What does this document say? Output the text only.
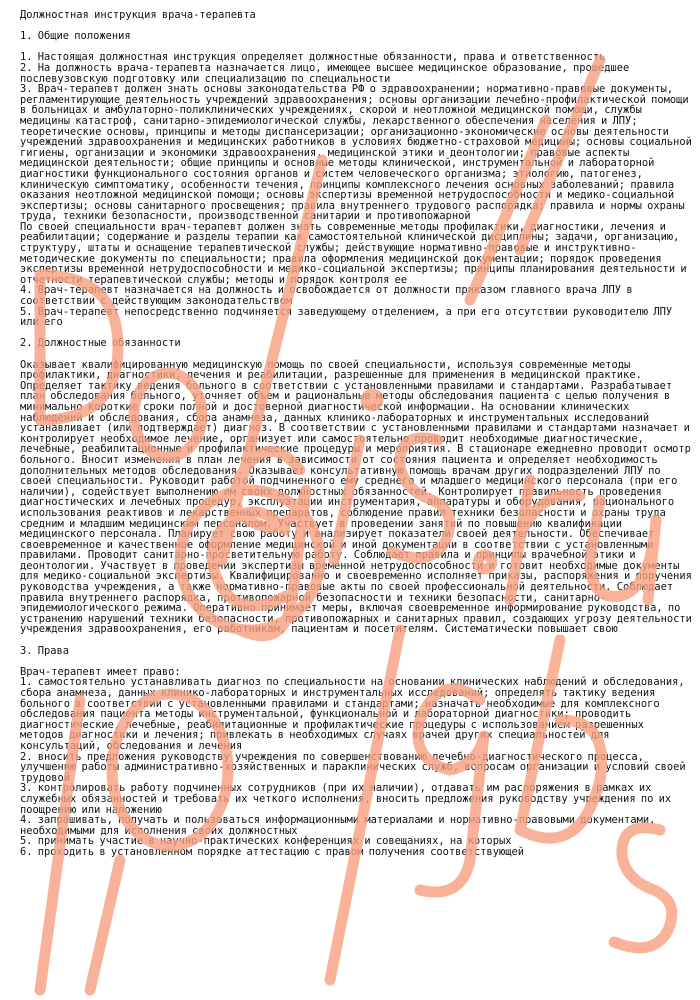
Должностная инструкция врача-терапевта

1. Общие положения

1. Настоящая должностная инструкция определяет должностные обязанности, права и ответственность

2. На должность врача-терапевта назначается лицо, имеющее высшее медицинское образование, прошедшее послевузовскую подготовку или специализацию по специальности

3. Врач-терапевт должен знать основы законодательства РФ о здравоохранении; нормативно-правовые документы, регламентирующие деятельность учреждений здравоохранения; основы организации лечебно-профилактической помощи в больницах и амбулаторно-поликлинических учреждениях, скорой и неотложной медицинской помощи, службы медицины катастроф, санитарно-эпидемиологической службы, лекарственного обеспечения населения и ЛПУ; теоретические основы, принципы и методы диспансеризации; организационно-экономические основы деятельности учреждений здравоохранения и медицинских работников в условиях бюджетно-страховой медицины; основы социальной гигиены, организации и экономики здравоохранения, медицинской этики и деонтологии; правовые аспекты медицинской деятельности; общие принципы и основные методы клинической, инструментальной и лабораторной диагностики функционального состояния органов и систем человеческого организма; этиологию, патогенез, клиническую симптоматику, особенности течения, принципы комплексного лечения основных заболеваний; правила оказания неотложной медицинской помощи; основы экспертизы временной нетрудоспособности и медико-социальной экспертизы; основы санитарного просвещения; правила внутреннего трудового распорядка; правила и нормы охраны труда, техники безопасности, производственной санитарии и противопожарной

По своей специальности врач-терапевт должен знать современные методы профилактики, диагностики, лечения и реабилитации; содержание и разделы терапии как самостоятельной клинической дисциплины; задачи, организацию, структуру, штаты и оснащение терапевтической службы; действующие нормативно-правовые и инструктивно-методические документы по специальности; правила оформления медицинской документации; порядок проведения экспертизы временной нетрудоспособности и медико-социальной экспертизы; принципы планирования деятельности и отчетности терапевтической службы; методы и порядок контроля ее

4. Врач-терапевт назначается на должность и освобождается от должности приказом главного врача ЛПУ в соответствии с действующим законодательством

5. Врач-терапевт непосредственно подчиняется заведующему отделением, а при его отсутствии руководителю ЛПУ или его

2. Должностные обязанности

Оказывает квалифицированную медицинскую помощь по своей специальности, используя современные методы профилактики, диагностики, лечения и реабилитации, разрешенные для применения в медицинской практике. Определяет тактику ведения больного в соответствии с установленными правилами и стандартами. Разрабатывает план обследования больного, уточняет объем и рациональные методы обследования пациента с целью получения в минимально короткие сроки полной и достоверной диагностической информации. На основании клинических наблюдений и обследования, сбора анамнеза, данных клинико-лабораторных и инструментальных исследований устанавливает (или подтверждает) диагноз. В соответствии с установленными правилами и стандартами назначает и контролирует необходимое лечение, организует или самостоятельно проводит необходимые диагностические, лечебные, реабилитационные и профилактические процедуры и мероприятия. В стационаре ежедневно проводит осмотр больного. Вносит изменения в план лечения в зависимости от состояния пациента и определяет необходимость дополнительных методов обследования. Оказывает консультативную помощь врачам других подразделений ЛПУ по своей специальности. Руководит работой подчиненного ему среднего и младшего медицинского персонала (при его наличии), содействует выполнению им своих должностных обязанностей. Контролирует правильность проведения диагностических и лечебных процедур, эксплуатации инструментария, аппаратуры и оборудования, рационального использования реактивов и лекарственных препаратов, соблюдение правил техники безопасности и охраны труда средним и младшим медицинским персоналом. Участвует в проведении занятий по повышению квалификации медицинского персонала. Планирует свою работу и анализирует показатели своей деятельности. Обеспечивает своевременное и качественное оформление медицинской и иной документации в соответствии с установленными правилами. Проводит санитарно-просветительную работу. Соблюдает правила и принципы врачебной этики и деонтологии. Участвует в проведении экспертизы временной нетрудоспособности и готовит необходимые документы для медико-социальной экспертизы. Квалифицированно и своевременно исполняет приказы, распоряжения и поручения руководства учреждения, а также нормативно-правовые акты по своей профессиональной деятельности. Соблюдает правила внутреннего распорядка, противопожарной безопасности и техники безопасности, санитарно-эпидемиологического режима. Оперативно принимает меры, включая своевременное информирование руководства, по устранению нарушений техники безопасности, противопожарных и санитарных правил, создающих угрозу деятельности учреждения здравоохранения, его работникам, пациентам и посетителям. Систематически повышает свою

3. Права

Врач-терапевт имеет право:

1. самостоятельно устанавливать диагноз по специальности на основании клинических наблюдений и обследования, сбора анамнеза, данных клинико-лабораторных и инструментальных исследований; определять тактику ведения больного в соответствии с установленными правилами и стандартами; назначать необходимые для комплексного обследования пациента методы инструментальной, функциональной и лабораторной диагностики; проводить диагностические, лечебные, реабилитационные и профилактические процедуры с использованием разрешенных методов диагностики и лечения; привлекать в необходимых случаях врачей других специальностей для консультаций, обследования и лечения

2. вносить предложения руководству учреждения по совершенствованию лечебно-диагностического процесса, улучшению работы административно-хозяйственных и параклинических служб, вопросам организации и условий своей трудовой

3. контролировать работу подчиненных сотрудников (при их наличии), отдавать им распоряжения в рамках их служебных обязанностей и требовать их четкого исполнения, вносить предложения руководству учреждения по их поощрению или наложению

4. запрашивать, получать и пользоваться информационными материалами и нормативно-правовыми документами, необходимыми для исполнения своих должностных

5. принимать участие в научно-практических конференциях и совещаниях, на которых

6. проходить в установленном порядке аттестацию с правом получения соответствующей
